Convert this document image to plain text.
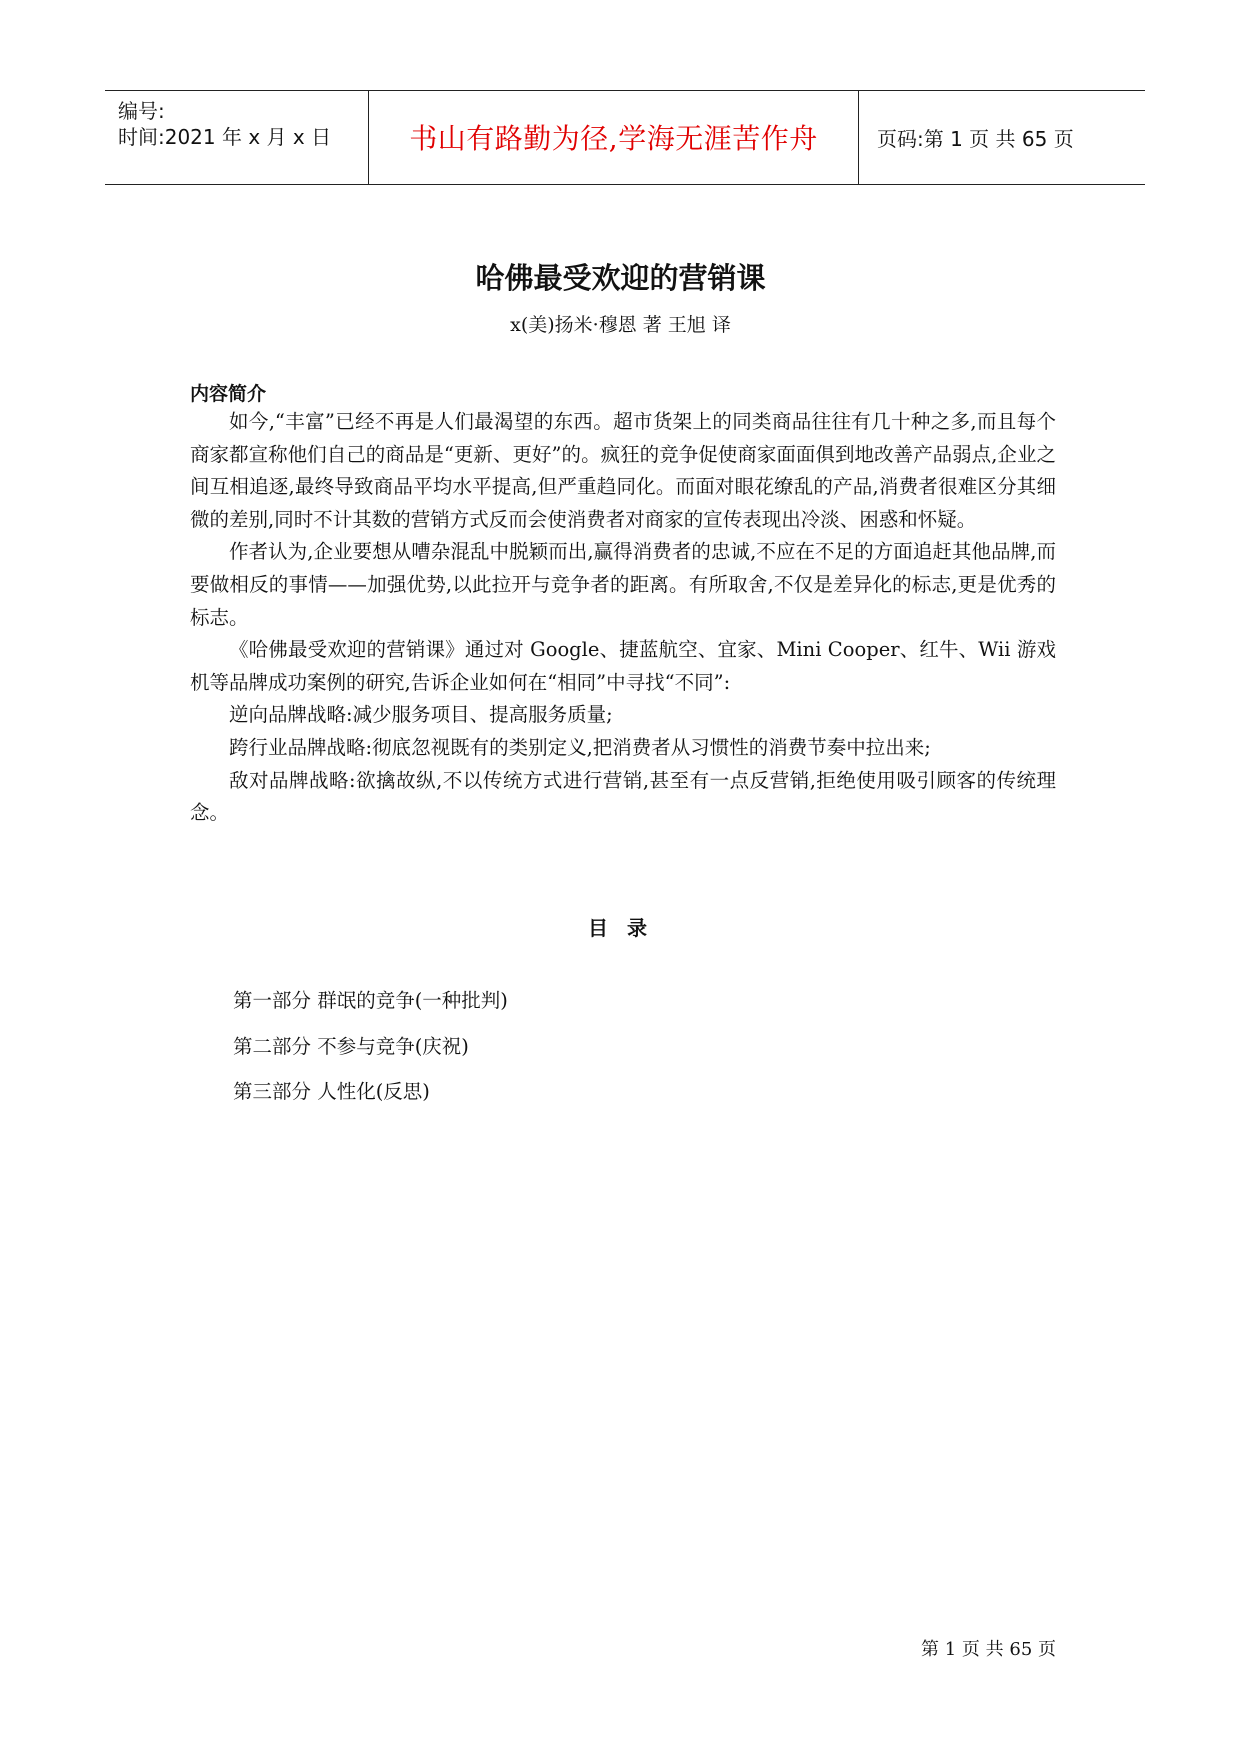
编号:
时间:2021 年 x 月 x 日	书山有路勤为径,学海无涯苦作舟	页码:第 1 页 共 65 页
哈佛最受欢迎的营销课
x(美)扬米·穆恩 著 王旭 译
内容简介

如今,“丰富”已经不再是人们最渴望的东西。超市货架上的同类商品往往有几十种之多,而且每个商家都宣称他们自己的商品是“更新、更好”的。疯狂的竞争促使商家面面俱到地改善产品弱点,企业之间互相追逐,最终导致商品平均水平提高,但严重趋同化。而面对眼花缭乱的产品,消费者很难区分其细微的差别,同时不计其数的营销方式反而会使消费者对商家的宣传表现出冷淡、困惑和怀疑。

作者认为,企业要想从嘈杂混乱中脱颖而出,赢得消费者的忠诚,不应在不足的方面追赶其他品牌,而要做相反的事情——加强优势,以此拉开与竞争者的距离。有所取舍,不仅是差异化的标志,更是优秀的标志。

《哈佛最受欢迎的营销课》通过对 Google、捷蓝航空、宜家、Mini Cooper、红牛、Wii 游戏机等品牌成功案例的研究,告诉企业如何在“相同”中寻找“不同”:

逆向品牌战略:减少服务项目、提高服务质量;

跨行业品牌战略:彻底忽视既有的类别定义,把消费者从习惯性的消费节奏中拉出来;

敌对品牌战略:欲擒故纵,不以传统方式进行营销,甚至有一点反营销,拒绝使用吸引顾客的传统理念。

目 录
第一部分 群氓的竞争(一种批判)
第二部分 不参与竞争(庆祝)
第三部分 人性化(反思)
第 1 页 共 65 页
